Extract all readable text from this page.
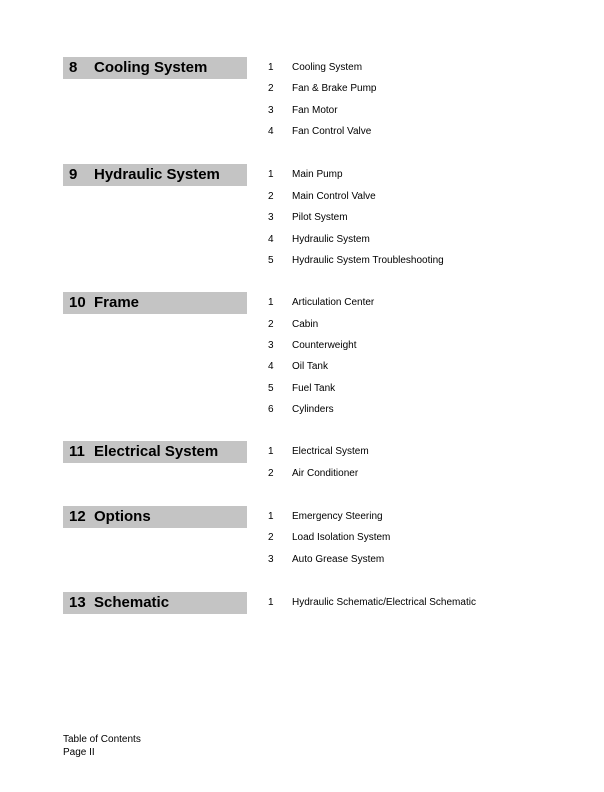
8 Cooling System	1 Cooling System
2 Fan & Brake Pump
3 Fan Motor
4 Fan Control Valve
9 Hydraulic System	1 Main Pump
2 Main Control Valve
3 Pilot System
4 Hydraulic System
5 Hydraulic System Troubleshooting
10 Frame	1 Articulation Center
2 Cabin
3 Counterweight
4 Oil Tank
5 Fuel Tank
6 Cylinders
11 Electrical System	1 Electrical System
2 Air Conditioner
12 Options	1 Emergency Steering
2 Load Isolation System
3 Auto Grease System
13 Schematic	1 Hydraulic Schematic/Electrical Schematic
Table of Contents
Page II
